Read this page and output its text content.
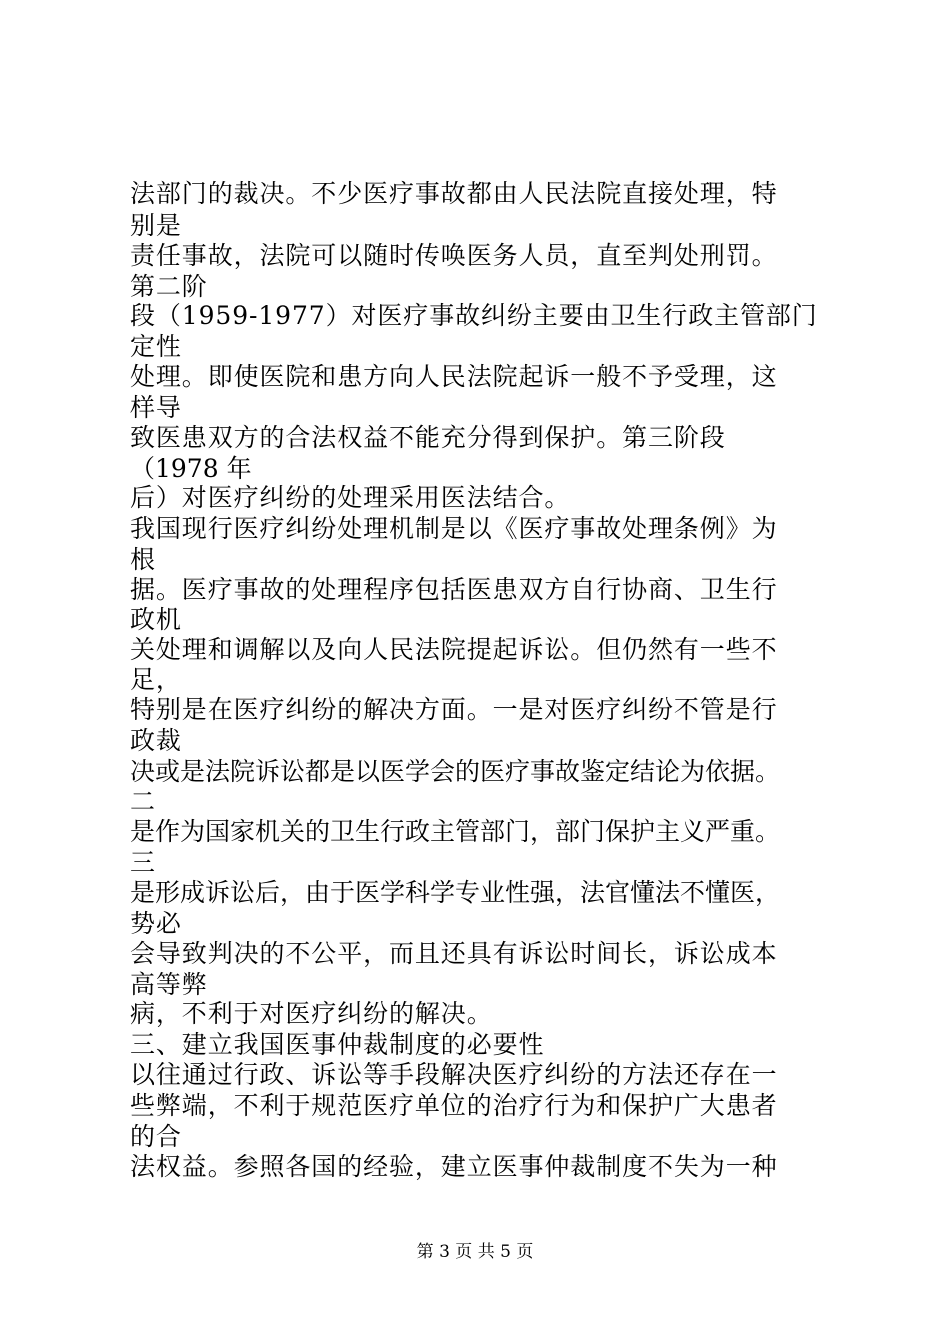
法部门的裁决。不少医疗事故都由人民法院直接处理，特
别是
责任事故，法院可以随时传唤医务人员，直至判处刑罚。
第二阶
段（1959-1977）对医疗事故纠纷主要由卫生行政主管部门
定性
处理。即使医院和患方向人民法院起诉一般不予受理，这
样导
致医患双方的合法权益不能充分得到保护。第三阶段
（1978 年
后）对医疗纠纷的处理采用医法结合。
我国现行医疗纠纷处理机制是以《医疗事故处理条例》为
根
据。医疗事故的处理程序包括医患双方自行协商、卫生行
政机
关处理和调解以及向人民法院提起诉讼。但仍然有一些不
足，
特别是在医疗纠纷的解决方面。一是对医疗纠纷不管是行
政裁
决或是法院诉讼都是以医学会的医疗事故鉴定结论为依据。
二
是作为国家机关的卫生行政主管部门，部门保护主义严重。
三
是形成诉讼后，由于医学科学专业性强，法官懂法不懂医，
势必
会导致判决的不公平，而且还具有诉讼时间长，诉讼成本
高等弊
病，不利于对医疗纠纷的解决。
三、建立我国医事仲裁制度的必要性
以往通过行政、诉讼等手段解决医疗纠纷的方法还存在一
些弊端，不利于规范医疗单位的治疗行为和保护广大患者
的合
法权益。参照各国的经验，建立医事仲裁制度不失为一种
第 3 页 共 5 页
